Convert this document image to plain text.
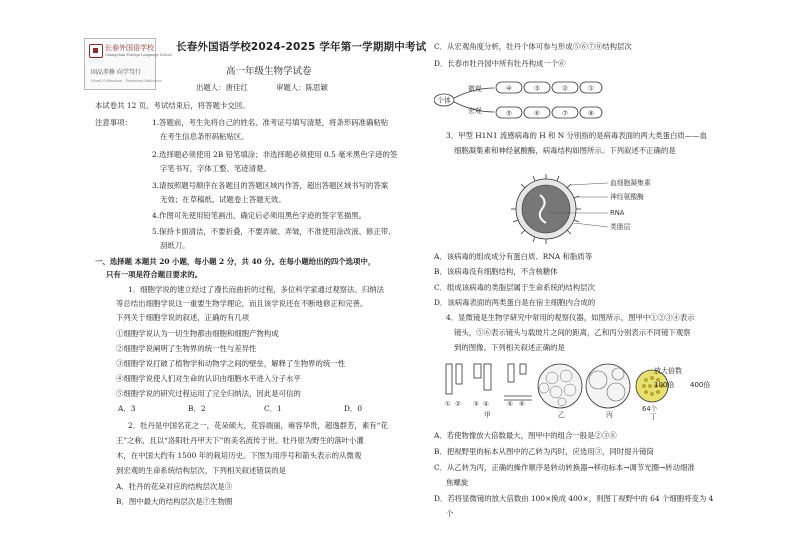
长春外国语学校
Changchun Foreign Language School
固品养修 向学笃行
Moral Cultivation · Persistent Endeavor
长春外国语学校2024-2025 学年第一学期期中考试
高一年级生物学试卷
出题人：唐佳红	审题人：陈思颖
本试卷共 12 页。考试结束后，将答题卡交回。
注意事项：	1.答题前，考生先将自己的姓名、准考证号填写清楚，将条形码准确粘贴
在考生信息条形码粘贴区。
2.选择题必须使用 2B 铅笔填涂；非选择题必须使用 0.5 毫米黑色字迹的签
字笔书写，字体工整、笔迹清楚。
3.请按照题号顺序在各题目的答题区域内作答，超出答题区域书写的答案
无效；在草稿纸、试题卷上答题无效。
4.作图可先使用铅笔画出，确定后必须用黑色字迹的签字笔描黑。
5.保持卡面清洁，不要折叠，不要弄破、弄皱，不准使用涂改液、修正带、
刮纸刀。
一、选择题 本题共 20 小题，每小题 2 分，共 40 分。在每小题给出的四个选项中，
只有一项是符合题目要求的。
1．细胞学说的建立经过了漫长而曲折的过程，多位科学家通过观察法、归纳法
等总结出细胞学说这一重要生物学理论，而且该学说还在不断地修正和完善。
下列关于细胞学说的叙述，正确的有几项
①细胞学说认为一切生物都由细胞和细胞产物构成
②细胞学说阐明了生物界的统一性与差异性
③细胞学说打破了植物学和动物学之间的壁垒，解释了生物界的统一性
④细胞学说使人们对生命的认识由细胞水平进入分子水平
⑤细胞学说的研究过程运用了完全归纳法，因此是可信的
A．3	B．2	C．1	D．0
2．牡丹是中国名花之一，花朵硕大，花容端丽，雍容华贵，超逸群芳，素有“花
王”之称，且以“洛阳牡丹甲天下”的美名流传于世。牡丹原为野生的落叶小灌
木，在中国大约有 1500 年的栽培历史。下图为用序号和箭头表示的从微观
到宏观的生命系统结构层次，下列相关叙述错误的是
A．牡丹的花朵对应的结构层次是③
B．图中最大的结构层次是⑦生物圈
C．从宏观角度分析，牡丹个体可参与形成⑤⑥⑦⑧结构层次
D．长春市牡丹园中所有牡丹构成一个⑥
④	③	②	①
⑤	⑥	⑦	⑧
个体
微观
宏观
3．甲型 H1N1 流感病毒的 H 和 N 分别指的是病毒表面的两大类蛋白质——血
细胞凝集素和神经氨酸酶，病毒结构如图所示。下列叙述不正确的是
血细胞凝集素
神经氨酸酶
RNA
类脂层
A．该病毒的组成成分有蛋白质、RNA 和脂质等
B．该病毒没有细胞结构，不含核糖体
C．组成该病毒的类脂层属于生命系统的结构层次
D．该病毒表面的两类蛋白是在宿主细胞内合成的
4．显微镜是生物学研究中常用的观察仪器，如图所示，图甲中①②③④表示
镜头，⑤⑥表示镜头与载玻片之间的距离，乙和丙分别表示不同镜下观察
到的图像。下列相关叙述正确的是
① ② ③ ④	⑤ ⑥
甲	乙	丙
64个
丁
放大倍数
100倍 400倍
A．若使物像放大倍数最大，图甲中的组合一般是②③⑥
B．把视野里的标本从图中的乙转为丙时，应选用③，同时提升镜筒
C．从乙转为丙，正确的操作顺序是转动转换器→移动标本→调节光圈→转动细准
焦螺旋
D．若将显微镜的放大倍数由 100×换成 400×，则图丁视野中的 64 个细胞将变为 4
个
